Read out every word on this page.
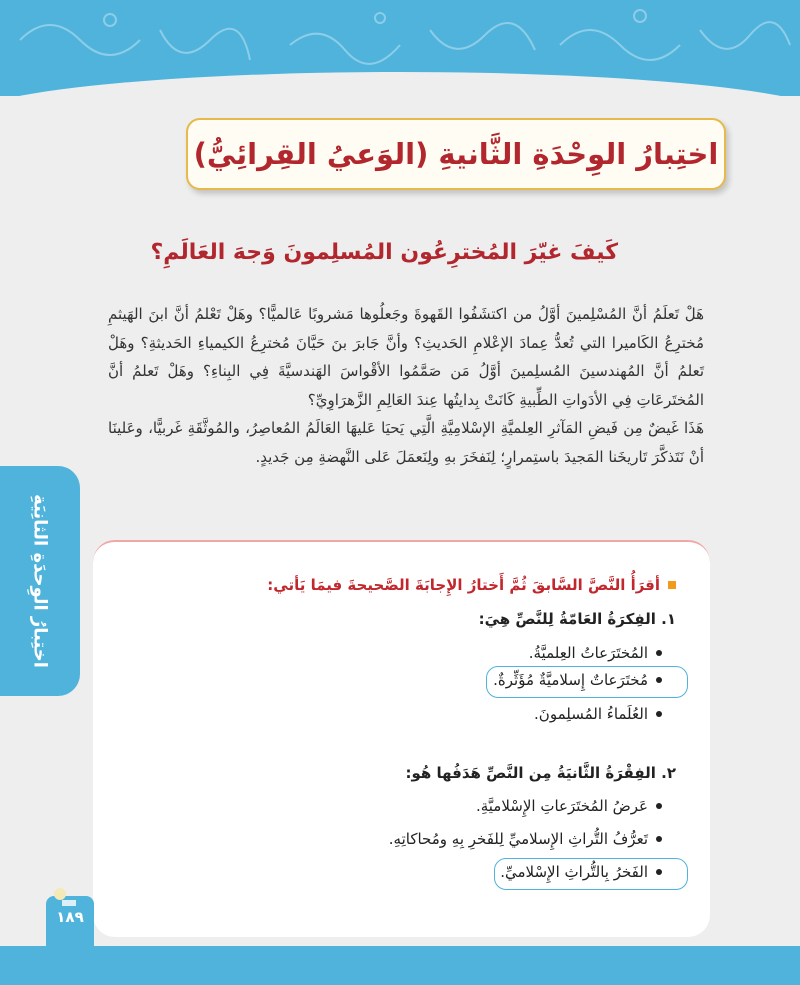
اختِبارُ الوِحْدَةِ الثَّانيةِ (الوَعيُ القِرائِيُّ)
كَيفَ غيّرَ المُخترِعُون المُسلِمونَ وَجهَ العَالَمِ؟

هَلْ تَعلَمُ أنَّ المُسْلِمينَ أوَّلُ من اكتشَفُوا القَهوةَ وجَعلُوها مَشروبًا عَالميًّا؟ وهَلْ تَعْلمُ أنَّ ابنَ الهَيثمِ مُخترِعُ الكَاميرا التي تُعدُّ عِمادَ الإعْلامِ الحَديثِ؟ وأنَّ جَابرَ بنَ حَيَّانَ مُخترِعُ الكيمياءِ الحَديثةِ؟ وهَلْ تَعلمُ أنَّ المُهندسينَ المُسلِمينَ أوَّلُ مَن صَمَّمُوا الأقْواسَ الهَندسيَّةَ فِي البِناءِ؟ وهَلْ تَعلمُ أنَّ المُختَرعَاتِ فِي الأدَواتِ الطِّبيةِ كَانَتْ بِدايتُها عِندَ العَالِمِ الزَّهرَاوِيِّ؟

هَذَا غَيضٌ مِن فَيضِ المَآثرِ العِلميَّةِ الإسْلامِيَّةِ الَّتِي يَحيَا عَليهَا العَالَمُ المُعاصِرُ، والمُوثَّقَةِ غَربيًّا، وعَلينَا أنْ نَتَذكَّرَ تَاريخَنا المَجيدَ باستِمرارٍ؛ لِنَفخَرَ بهِ ولِنَعمَلَ عَلى النَّهضةِ مِن جَديدٍ.

اختِبارُ الوِحدَةِ الثانِيَةِ	أقرَأُ النَّصَّ السَّابقَ ثُمَّ أَختارُ الإِجابَةَ الصَّحيحةَ فيمَا يَأتي:
١. الفِكرَةُ العَامّةُ لِلنَّصِّ هِيَ:
المُختَرَعاتُ العِلميَّةُ.
مُختَرَعاتٌ إِسلاميَّةٌ مُؤَثِّرةٌ.
العُلَماءُ المُسلِمونَ.
٢. الفِقْرَةُ الثَّانيَةُ مِن النَّصِّ هَدَفُها هُو:
عَرضُ المُختَرَعاتِ الإِسْلاميَّةِ.
تَعرُّفُ التُّراثِ الإِسلاميِّ لِلفَخرِ بِهِ ومُحاكاتِهِ.
الفَخرُ بِالتُّراثِ الإِسْلاميِّ.
١٨٩
